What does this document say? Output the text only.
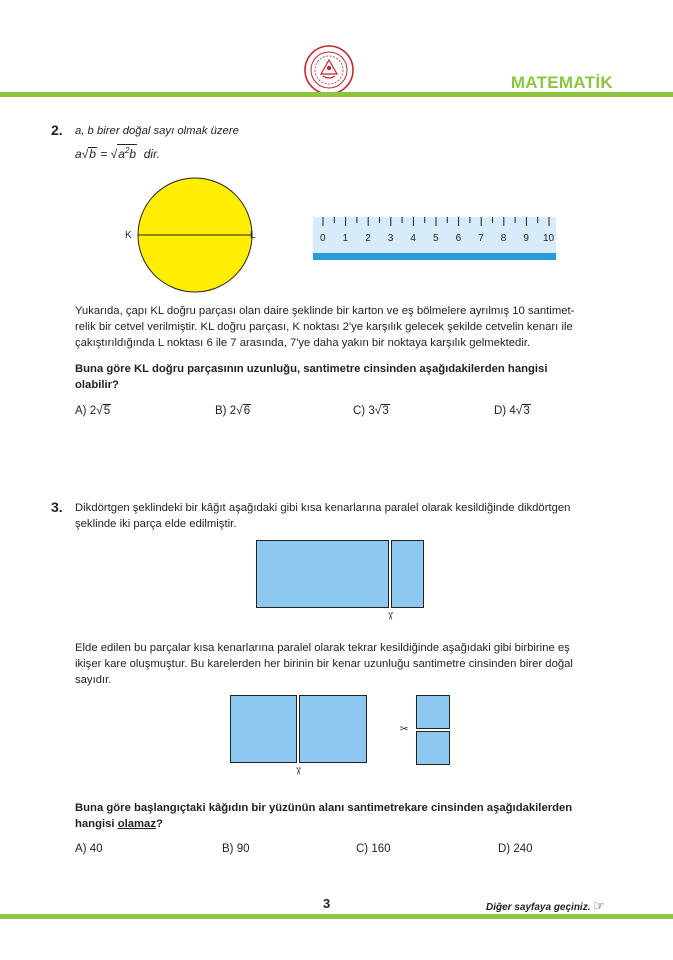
MATEMATİK
2. a, b birer doğal sayı olmak üzere
$a√b = √a^2b$ dir.
K	L	0 1 2 3 4 5 6 7 8 9 10
Yukarıda, çapı KL doğru parçası olan daire şeklinde bir karton ve eş bölmelere ayrılmış 10 santimet-
relik bir cetvel verilmiştir. KL doğru parçası, K noktası 2'ye karşılık gelecek şekilde cetvelin kenarı ile
çakıştırıldığında L noktası 6 ile 7 arasında, 7'ye daha yakın bir noktaya karşılık gelmektedir.
Buna göre KL doğru parçasının uzunluğu, santimetre cinsinden aşağıdakilerden hangisi
olabilir?
A) 2√5	B) 2√6	C) 3√3	D) 4√3
3. Dikdörtgen şeklindeki bir kâğıt aşağıdaki gibi kısa kenarlarına paralel olarak kesildiğinde dikdörtgen
şeklinde iki parça elde edilmiştir.
✂
Elde edilen bu parçalar kısa kenarlarına paralel olarak tekrar kesildiğinde aşağıdaki gibi birbirine eş
ikişer kare oluşmuştur. Bu karelerden her birinin bir kenar uzunluğu santimetre cinsinden birer doğal
sayıdır.
✂
✂
Buna göre başlangıçtaki kâğıdın bir yüzünün alanı santimetrekare cinsinden aşağıdakilerden
hangisi olamaz?
A) 40	B) 90	C) 160	D) 240
3	Diğer sayfaya geçiniz. ☞
